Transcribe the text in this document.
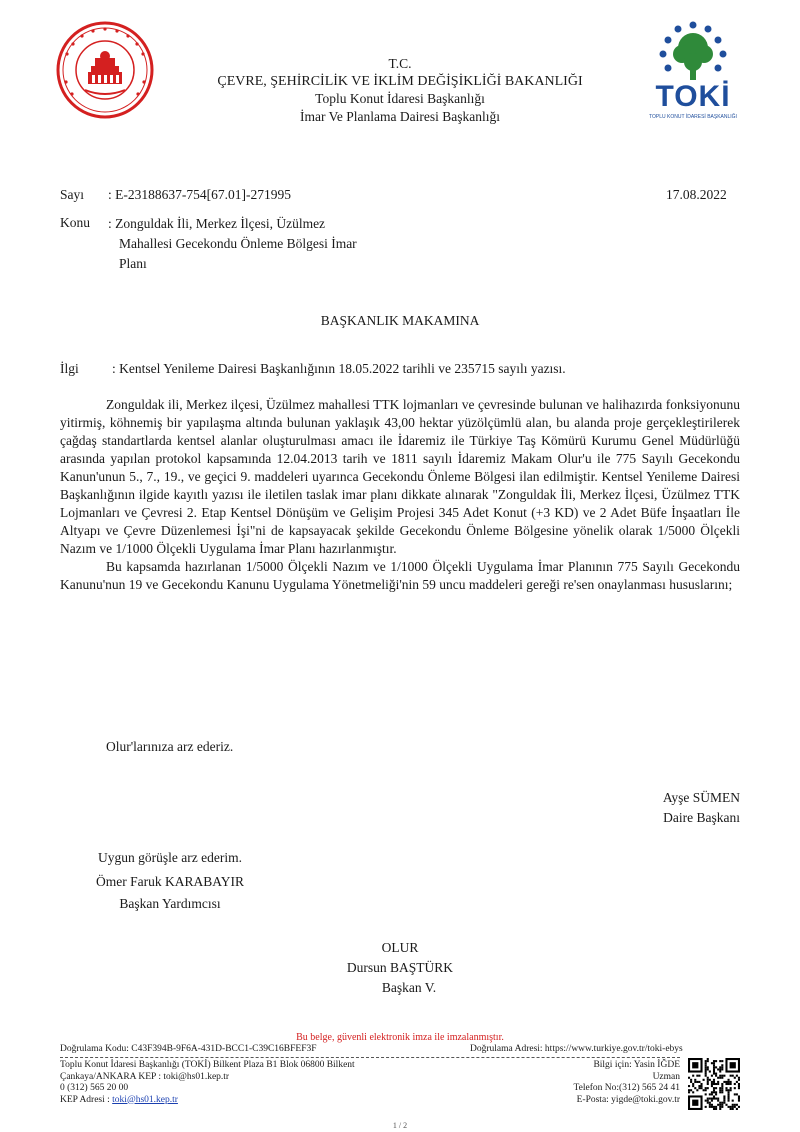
T.C.
ÇEVRE, ŞEHİRCİLİK VE İKLİM DEĞİŞİKLİĞİ BAKANLIĞI
Toplu Konut İdaresi Başkanlığı
İmar Ve Planlama Dairesi Başkanlığı
TOKİ
TOPLU KONUT İDARESİ BAŞKANLIĞI
Sayı : E-23188637-754[67.01]-271995	17.08.2022
Konu : Zonguldak İli, Merkez İlçesi, Üzülmez
Mahallesi Gecekondu Önleme Bölgesi İmar
Planı
BAŞKANLIK MAKAMINA
İlgi : Kentsel Yenileme Dairesi Başkanlığının 18.05.2022 tarihli ve 235715 sayılı yazısı.

Zonguldak ili, Merkez ilçesi, Üzülmez mahallesi TTK lojmanları ve çevresinde bulunan ve halihazırda fonksiyonunu yitirmiş, köhnemiş bir yapılaşma altında bulunan yaklaşık 43,00 hektar yüzölçümlü alan, bu alanda proje gerçekleştirilerek çağdaş standartlarda kentsel alanlar oluşturulması amacı ile İdaremiz ile Türkiye Taş Kömürü Kurumu Genel Müdürlüğü arasında yapılan protokol kapsamında 12.04.2013 tarih ve 1811 sayılı İdaremiz Makam Olur'u ile 775 Sayılı Gecekondu Kanun'unun 5., 7., 19., ve geçici 9. maddeleri uyarınca Gecekondu Önleme Bölgesi ilan edilmiştir. Kentsel Yenileme Dairesi Başkanlığının ilgide kayıtlı yazısı ile iletilen taslak imar planı dikkate alınarak "Zonguldak İli, Merkez İlçesi, Üzülmez TTK Lojmanları ve Çevresi 2. Etap Kentsel Dönüşüm ve Gelişim Projesi 345 Adet Konut (+3 KD) ve 2 Adet Büfe İnşaatları İle Altyapı ve Çevre Düzenlemesi İşi"ni de kapsayacak şekilde Gecekondu Önleme Bölgesine yönelik olarak 1/5000 Ölçekli Nazım ve 1/1000 Ölçekli Uygulama İmar Planı hazırlanmıştır.

Bu kapsamda hazırlanan 1/5000 Ölçekli Nazım ve 1/1000 Ölçekli Uygulama İmar Planının 775 Sayılı Gecekondu Kanunu'nun 19 ve Gecekondu Kanunu Uygulama Yönetmeliği'nin 59 uncu maddeleri gereği re'sen onaylanması hususlarını;

Olur'larınıza arz ederiz.
Ayşe SÜMEN
Daire Başkanı
Uygun görüşle arz ederim.
Ömer Faruk KARABAYIR
Başkan Yardımcısı
OLUR
Dursun BAŞTÜRK
Başkan V.
Bu belge, güvenli elektronik imza ile imzalanmıştır.
Doğrulama Kodu: C43F394B-9F6A-431D-BCC1-C39C16BFEF3F	Doğrulama Adresi: https://www.turkiye.gov.tr/toki-ebys
Toplu Konut İdaresi Başkanlığı (TOKİ) Bilkent Plaza B1 Blok 06800 Bilkent
Çankaya/ANKARA KEP : toki@hs01.kep.tr
0 (312) 565 20 00
KEP Adresi : toki@hs01.kep.tr
Bilgi için: Yasin İĞDE
Uzman
Telefon No:(312) 565 24 41
E-Posta: yigde@toki.gov.tr
1 / 2
